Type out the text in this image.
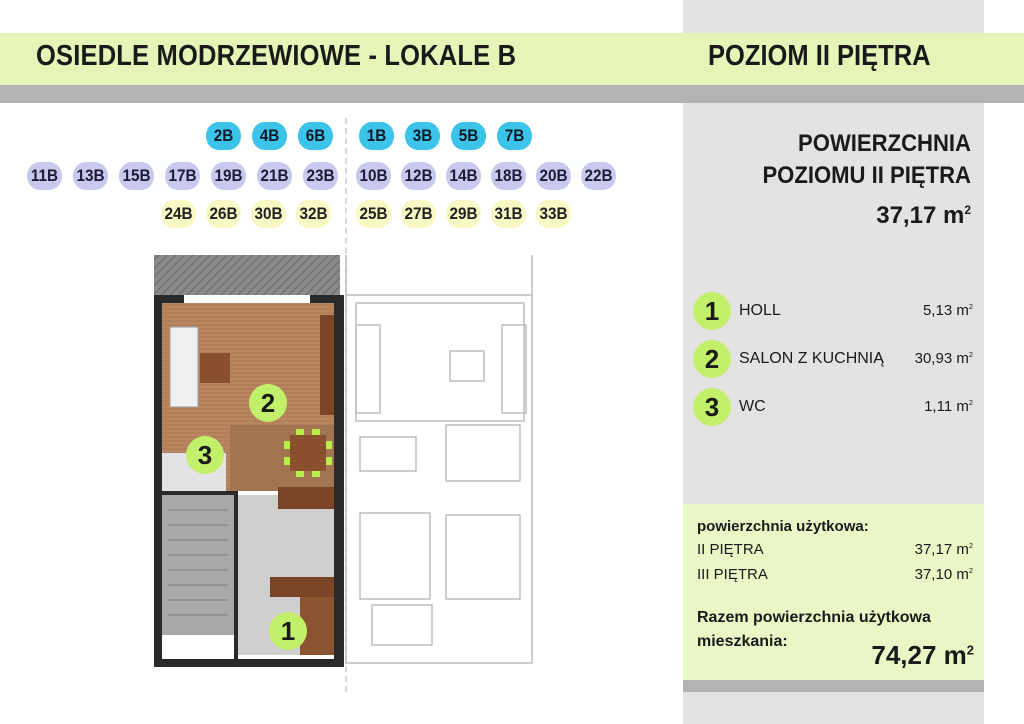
OSIEDLE MODRZEWIOWE - LOKALE B	POZIOM II PIĘTRA
2B	4B	6B	1B	3B	5B	7B
11B 13B 15B 17B 19B 21B 23B 10B 12B 14B 18B 20B 22B
24B 26B 30B 32B 25B 27B 29B 31B 33B
2
3
1
POWIERZCHNIA
POZIOMU II PIĘTRA
37,17 $m^2$
1	HOLL	5,13 $m^2$
2	SALON Z KUCHNIĄ 30,93 $m^2$
3	WC	1,11 $m^2$
powierzchnia użytkowa:
II PIĘTRA	37,17 $m^2$
III PIĘTRA	37,10 $m^2$
Razem powierzchnia użytkowa mieszkania:	74,27 $m^2$
